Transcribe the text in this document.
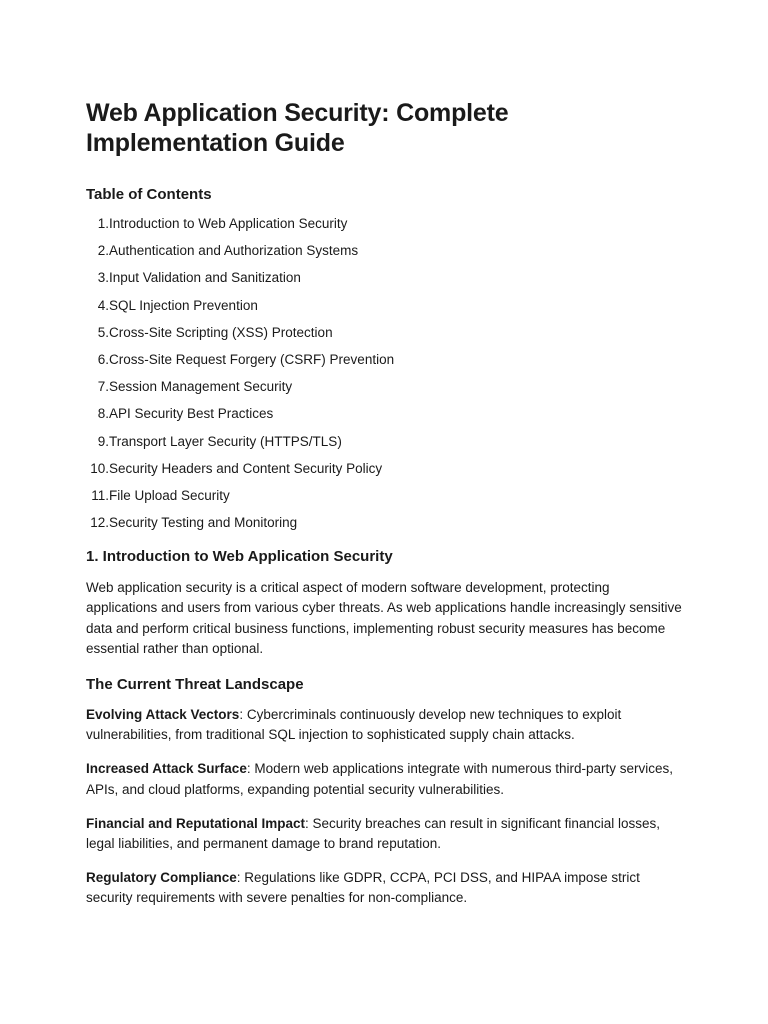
Web Application Security: Complete Implementation Guide
Table of Contents
1. Introduction to Web Application Security
2. Authentication and Authorization Systems
3. Input Validation and Sanitization
4. SQL Injection Prevention
5. Cross-Site Scripting (XSS) Protection
6. Cross-Site Request Forgery (CSRF) Prevention
7. Session Management Security
8. API Security Best Practices
9. Transport Layer Security (HTTPS/TLS)
10. Security Headers and Content Security Policy
11. File Upload Security
12. Security Testing and Monitoring
1. Introduction to Web Application Security

Web application security is a critical aspect of modern software development, protecting applications and users from various cyber threats. As web applications handle increasingly sensitive data and perform critical business functions, implementing robust security measures has become essential rather than optional.

The Current Threat Landscape

Evolving Attack Vectors: Cybercriminals continuously develop new techniques to exploit vulnerabilities, from traditional SQL injection to sophisticated supply chain attacks.

Increased Attack Surface: Modern web applications integrate with numerous third-party services, APIs, and cloud platforms, expanding potential security vulnerabilities.

Financial and Reputational Impact: Security breaches can result in significant financial losses, legal liabilities, and permanent damage to brand reputation.

Regulatory Compliance: Regulations like GDPR, CCPA, PCI DSS, and HIPAA impose strict security requirements with severe penalties for non-compliance.
